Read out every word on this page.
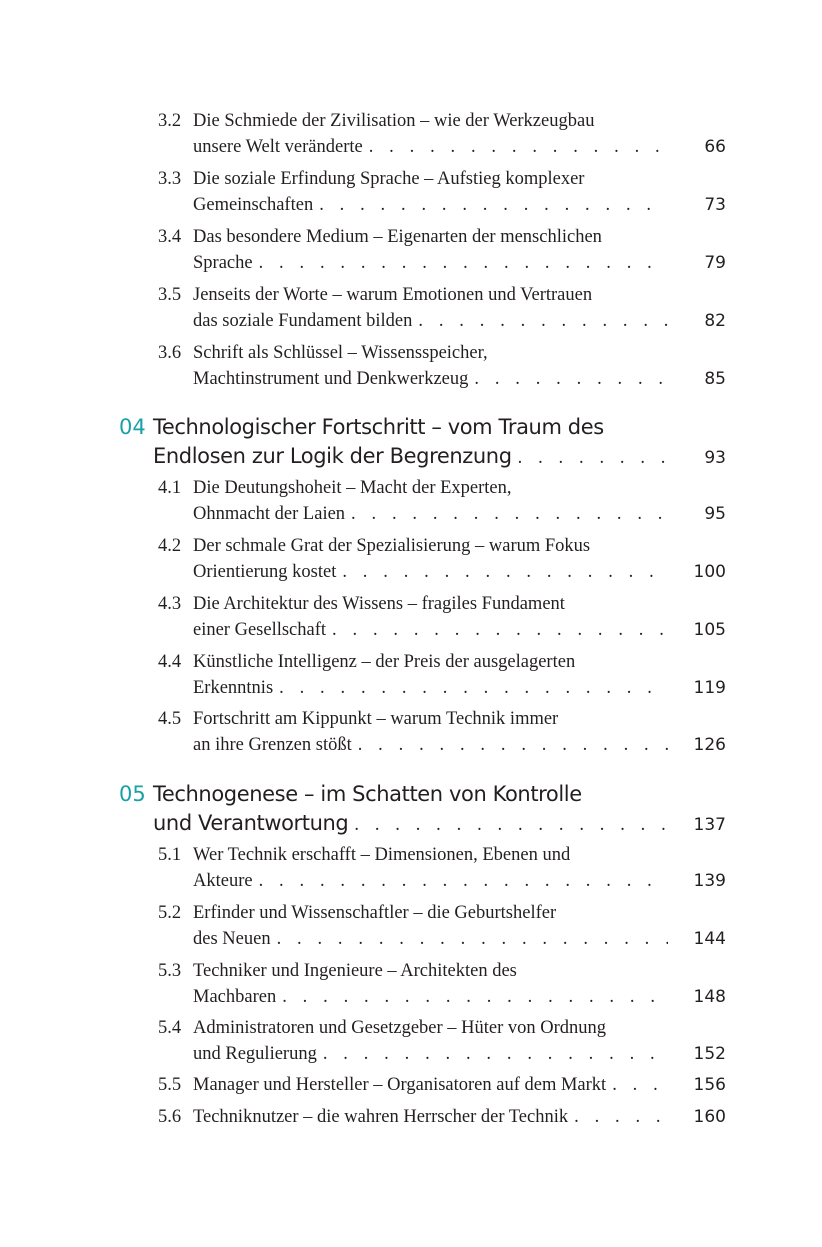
3.2 Die Schmiede der Zivilisation – wie der Werkzeugbau
unsere Welt veränderte . . .	66
3.3 Die soziale Erfindung Sprache – Aufstieg komplexer
Gemeinschaften . . .	73
3.4 Das besondere Medium – Eigenarten der menschlichen
Sprache . . .	79
3.5 Jenseits der Worte – warum Emotionen und Vertrauen
das soziale Fundament bilden . . .	82
3.6 Schrift als Schlüssel – Wissensspeicher,
Machtinstrument und Denkwerkzeug . . .	85
04 Technologischer Fortschritt – vom Traum des
Endlosen zur Logik der Begrenzung . . .	93
4.1 Die Deutungshoheit – Macht der Experten,
Ohnmacht der Laien . . .	95
4.2 Der schmale Grat der Spezialisierung – warum Fokus
Orientierung kostet . . .	100
4.3 Die Architektur des Wissens – fragiles Fundament
einer Gesellschaft . . .	105
4.4 Künstliche Intelligenz – der Preis der ausgelagerten
Erkenntnis . . .	119
4.5 Fortschritt am Kippunkt – warum Technik immer
an ihre Grenzen stößt . . .	126
05 Technogenese – im Schatten von Kontrolle
und Verantwortung . . .	137
5.1 Wer Technik erschafft – Dimensionen, Ebenen und
Akteure . . .	139
5.2 Erfinder und Wissenschaftler – die Geburtshelfer
des Neuen . . .	144
5.3 Techniker und Ingenieure – Architekten des
Machbaren . . .	148
5.4 Administratoren und Gesetzgeber – Hüter von Ordnung
und Regulierung . . .	152
5.5 Manager und Hersteller – Organisatoren auf dem Markt . . .	156
5.6 Techniknutzer – die wahren Herrscher der Technik . . .	160
